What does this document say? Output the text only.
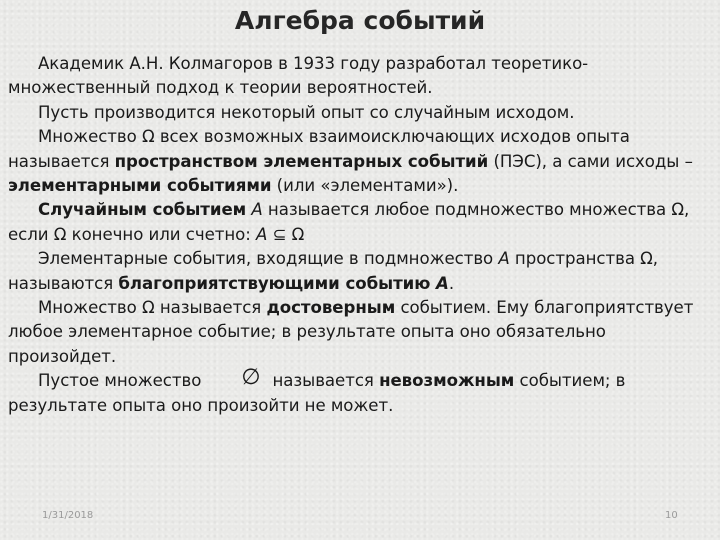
Алгебра событий

Академик А.Н. Колмагоров в 1933 году разработал теоретико-множественный подход к теории вероятностей.

Пусть производится некоторый опыт со случайным исходом.

Множество Ω всех возможных взаимоисключающих исходов опыта называется пространством элементарных событий (ПЭС), а сами исходы – элементарными событиями (или «элементами»).

Случайным событием A называется любое подмножество множества Ω, если Ω конечно или счетно: A ⊆ Ω

Элементарные события, входящие в подмножество A пространства Ω, называются благоприятствующими событию A.

Множество Ω называется достоверным событием. Ему благоприятствует любое элементарное событие; в результате опыта оно обязательно произойдет.

Пустое множество ∅ называется невозможным событием; в результате опыта оно произойти не может.

1/31/2018	10
